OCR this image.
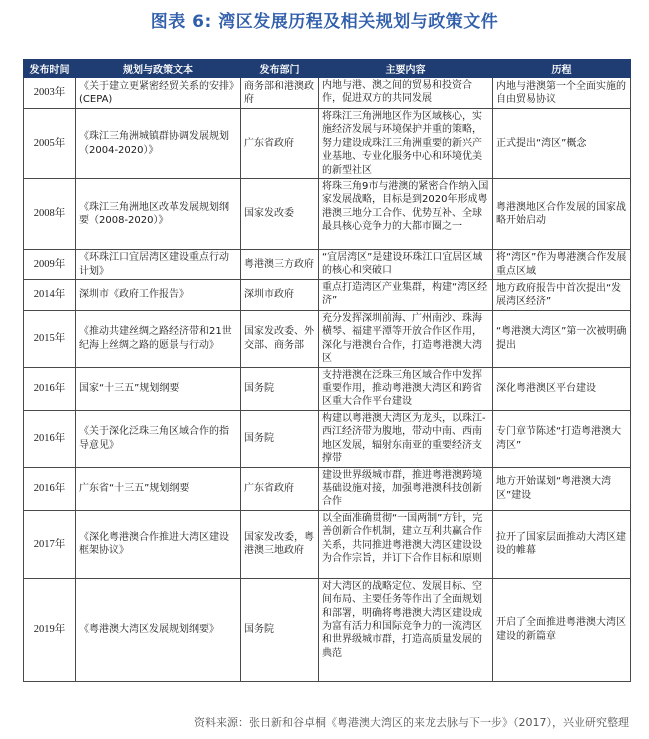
图表 6: 湾区发展历程及相关规划与政策文件
发布时间	规划与政策文本	发布部门	主要内容	历程
2003年	《关于建立更紧密经贸关系的安排》(CEPA)	商务部和港澳政府	内地与港、澳之间的贸易和投资合作，促进双方的共同发展	内地与港澳第一个全面实施的自由贸易协议
2005年	《珠江三角洲城镇群协调发展规划（2004-2020）》	广东省政府	将珠江三角洲地区作为区域核心，实施经济发展与环境保护并重的策略，努力建设成珠江三角洲重要的新兴产业基地、专业化服务中心和环境优美的新型社区	正式提出“湾区”概念
2008年	《珠江三角洲地区改革发展规划纲要（2008-2020）》	国家发改委	将珠三角9市与港澳的紧密合作纳入国家发展战略，目标是到2020年形成粤港澳三地分工合作、优势互补、全球最具核心竞争力的大都市圈之一	粤港澳地区合作发展的国家战略开始启动
2009年	《环珠江口宜居湾区建设重点行动计划》	粤港澳三方政府	“宜居湾区”是建设环珠江口宜居区域的核心和突破口	将“湾区”作为粤港澳合作发展重点区域
2014年	深圳市《政府工作报告》	深圳市政府	重点打造湾区产业集群，构建“湾区经济”	地方政府报告中首次提出“发展湾区经济”
2015年	《推动共建丝绸之路经济带和21世纪海上丝绸之路的愿景与行动》	国家发改委、外交部、商务部	充分发挥深圳前海、广州南沙、珠海横琴、福建平潭等开放合作区作用，深化与港澳台合作，打造粤港澳大湾区	“粤港澳大湾区”第一次被明确提出
2016年	国家“十三五”规划纲要	国务院	支持港澳在泛珠三角区域合作中发挥重要作用，推动粤港澳大湾区和跨省区重大合作平台建设	深化粤港澳区平台建设
2016年	《关于深化泛珠三角区域合作的指导意见》	国务院	构建以粤港澳大湾区为龙头，以珠江-西江经济带为腹地，带动中南、西南地区发展，辐射东南亚的重要经济支撑带	专门章节陈述“打造粤港澳大湾区”
2016年	广东省“十三五”规划纲要	广东省政府	建设世界级城市群，推进粤港澳跨境基础设施对接，加强粤港澳科技创新合作	地方开始谋划“粤港澳大湾区”建设
2017年	《深化粤港澳合作推进大湾区建设框架协议》	国家发改委，粤港澳三地政府	以全面准确贯彻“一国两制”方针，完善创新合作机制，建立互利共赢合作关系，共同推进粤港澳大湾区建设设为合作宗旨，并订下合作目标和原则	拉开了国家层面推动大湾区建设的帷幕
2019年	《粤港澳大湾区发展规划纲要》	国务院	对大湾区的战略定位、发展目标、空间布局、主要任务等作出了全面规划和部署，明确将粤港澳大湾区建设成为富有活力和国际竞争力的一流湾区和世界级城市群，打造高质量发展的典范	开启了全面推进粤港澳大湾区建设的新篇章
资料来源：张日新和谷卓桐《粤港澳大湾区的来龙去脉与下一步》（2017），兴业研究整理
